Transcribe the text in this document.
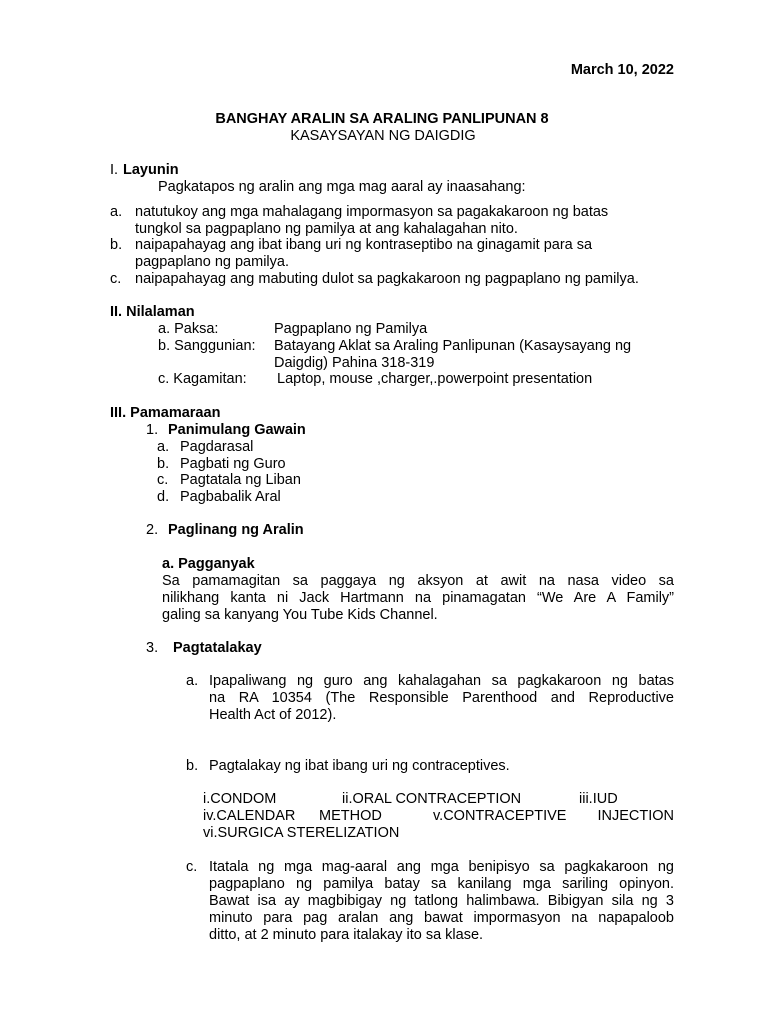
March 10, 2022
BANGHAY ARALIN SA ARALING PANLIPUNAN 8
KASAYSAYAN NG DAIGDIG
I. Layunin
Pagkatapos ng aralin ang mga mag aaral ay inaasahang:
a. natutukoy ang mga mahalagang impormasyon sa pagakakaroon ng batas
tungkol sa pagpaplano ng pamilya at ang kahalagahan nito.
b. naipapahayag ang ibat ibang uri ng kontraseptibo na ginagamit para sa
pagpaplano ng pamilya.
c. naipapahayag ang mabuting dulot sa pagkakaroon ng pagpaplano ng pamilya.
II. Nilalaman
a. Paksa:	Pagpaplano ng Pamilya
b. Sanggunian: Batayang Aklat sa Araling Panlipunan (Kasaysayang ng
Daigdig) Pahina 318-319
c. Kagamitan: Laptop, mouse ,charger,.powerpoint presentation
III. Pamamaraan
1. Panimulang Gawain
a. Pagdarasal
b. Pagbati ng Guro
c. Pagtatala ng Liban
d. Pagbabalik Aral
2. Paglinang ng Aralin
a. Pagganyak
Sa pamamagitan sa paggaya ng aksyon at awit na nasa video sa
nilikhang kanta ni Jack Hartmann na pinamagatan “We Are A Family”
galing sa kanyang You Tube Kids Channel.
3. Pagtatalakay
a. Ipapaliwang ng guro ang kahalagahan sa pagkakaroon ng batas
na RA 10354 (The Responsible Parenthood and Reproductive
Health Act of 2012).
b. Pagtalakay ng ibat ibang uri ng contraceptives.
i.CONDOM	ii.ORAL CONTRACEPTION	iii.IUD
iv.CALENDAR METHOD	v.CONTRACEPTIVE INJECTION
vi.SURGICA STERELIZATION
c. Itatala ng mga mag-aaral ang mga benipisyo sa pagkakaroon ng
pagpaplano ng pamilya batay sa kanilang mga sariling opinyon.
Bawat isa ay magbibigay ng tatlong halimbawa. Bibigyan sila ng 3
minuto para pag aralan ang bawat impormasyon na napapaloob
ditto, at 2 minuto para italakay ito sa klase.
